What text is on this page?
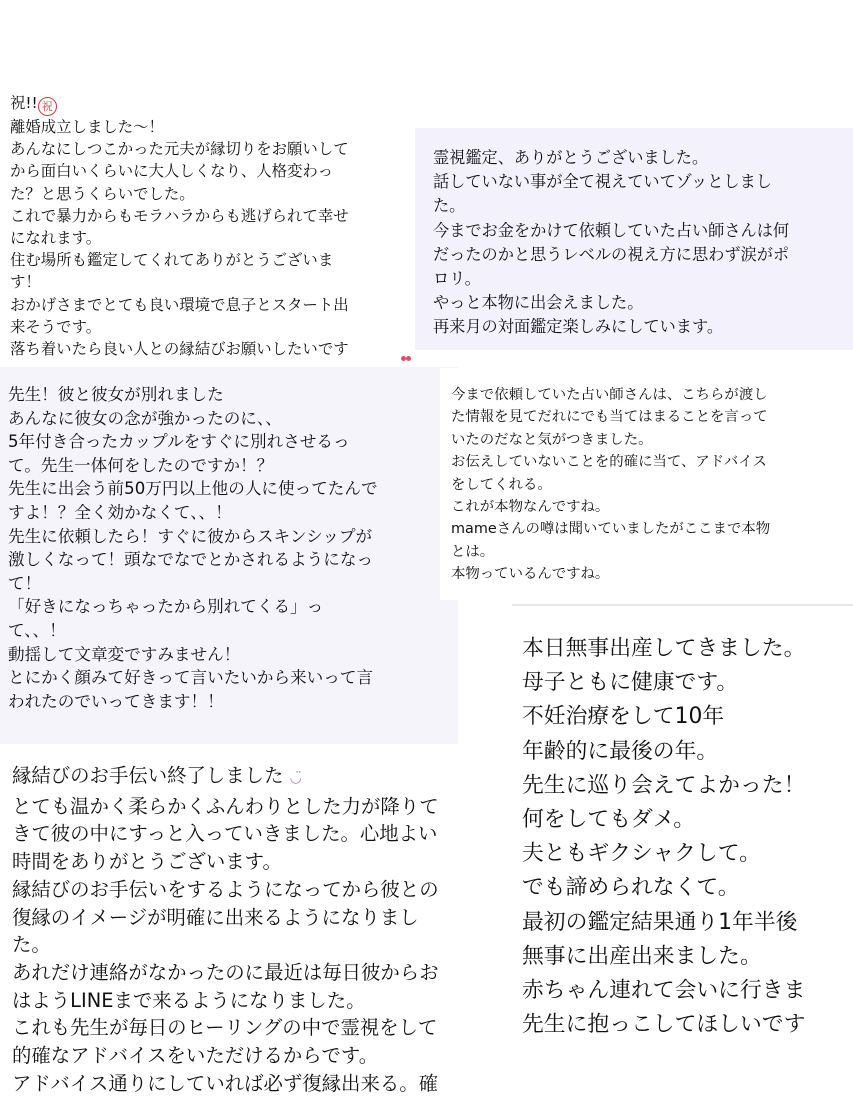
祝!! 祝
離婚成立しました〜！
あんなにしつこかった元夫が縁切りをお願いして
から面白いくらいに大人しくなり、人格変わっ
た？と思うくらいでした。
これで暴力からもモラハラからも逃げられて幸せ
になれます。
住む場所も鑑定してくれてありがとうございま
す！
おかげさまでとても良い環境で息子とスタート出
来そうです。
落ち着いたら良い人との縁結びお願いしたいです
霊視鑑定、ありがとうございました。
話していない事が全て視えていてゾッとしまし
た。
今までお金をかけて依頼していた占い師さんは何
だったのかと思うレベルの視え方に思わず涙がポ
ロリ。
やっと本物に出会えました。
再来月の対面鑑定楽しみにしています。
先生！彼と彼女が別れました
あんなに彼女の念が強かったのに、、
5年付き合ったカップルをすぐに別れさせるっ
て。先生一体何をしたのですか！？
先生に出会う前50万円以上他の人に使ってたんで
すよ！？全く効かなくて、、！
先生に依頼したら！すぐに彼からスキンシップが
激しくなって！頭なでなでとかされるようになっ
て！
「好きになっちゃったから別れてくる」っ
て、、！
動揺して文章変ですみません！
とにかく顔みて好きって言いたいから来いって言
われたのでいってきます！！
今まで依頼していた占い師さんは、こちらが渡し
た情報を見てだれにでも当てはまることを言って
いたのだなと気がつきました。
お伝えしていないことを的確に当て、アドバイス
をしてくれる。
これが本物なんですね。
mameさんの噂は聞いていましたがここまで本物
とは。
本物っているんですね。
本日無事出産してきました。
母子ともに健康です。
不妊治療をして10年
年齢的に最後の年。
先生に巡り会えてよかった！
何をしてもダメ。
夫ともギクシャクして。
でも諦められなくて。
最初の鑑定結果通り1年半後
無事に出産出来ました。
赤ちゃん連れて会いに行きま
先生に抱っこしてほしいです
縁結びのお手伝い終了しました ◡̈
とても温かく柔らかくふんわりとした力が降りて
きて彼の中にすっと入っていきました。心地よい
時間をありがとうございます。
縁結びのお手伝いをするようになってから彼との
復縁のイメージが明確に出来るようになりまし
た。
あれだけ連絡がなかったのに最近は毎日彼からお
はようLINEまで来るようになりました。
これも先生が毎日のヒーリングの中で霊視をして
的確なアドバイスをいただけるからです。
アドバイス通りにしていれば必ず復縁出来る。確
